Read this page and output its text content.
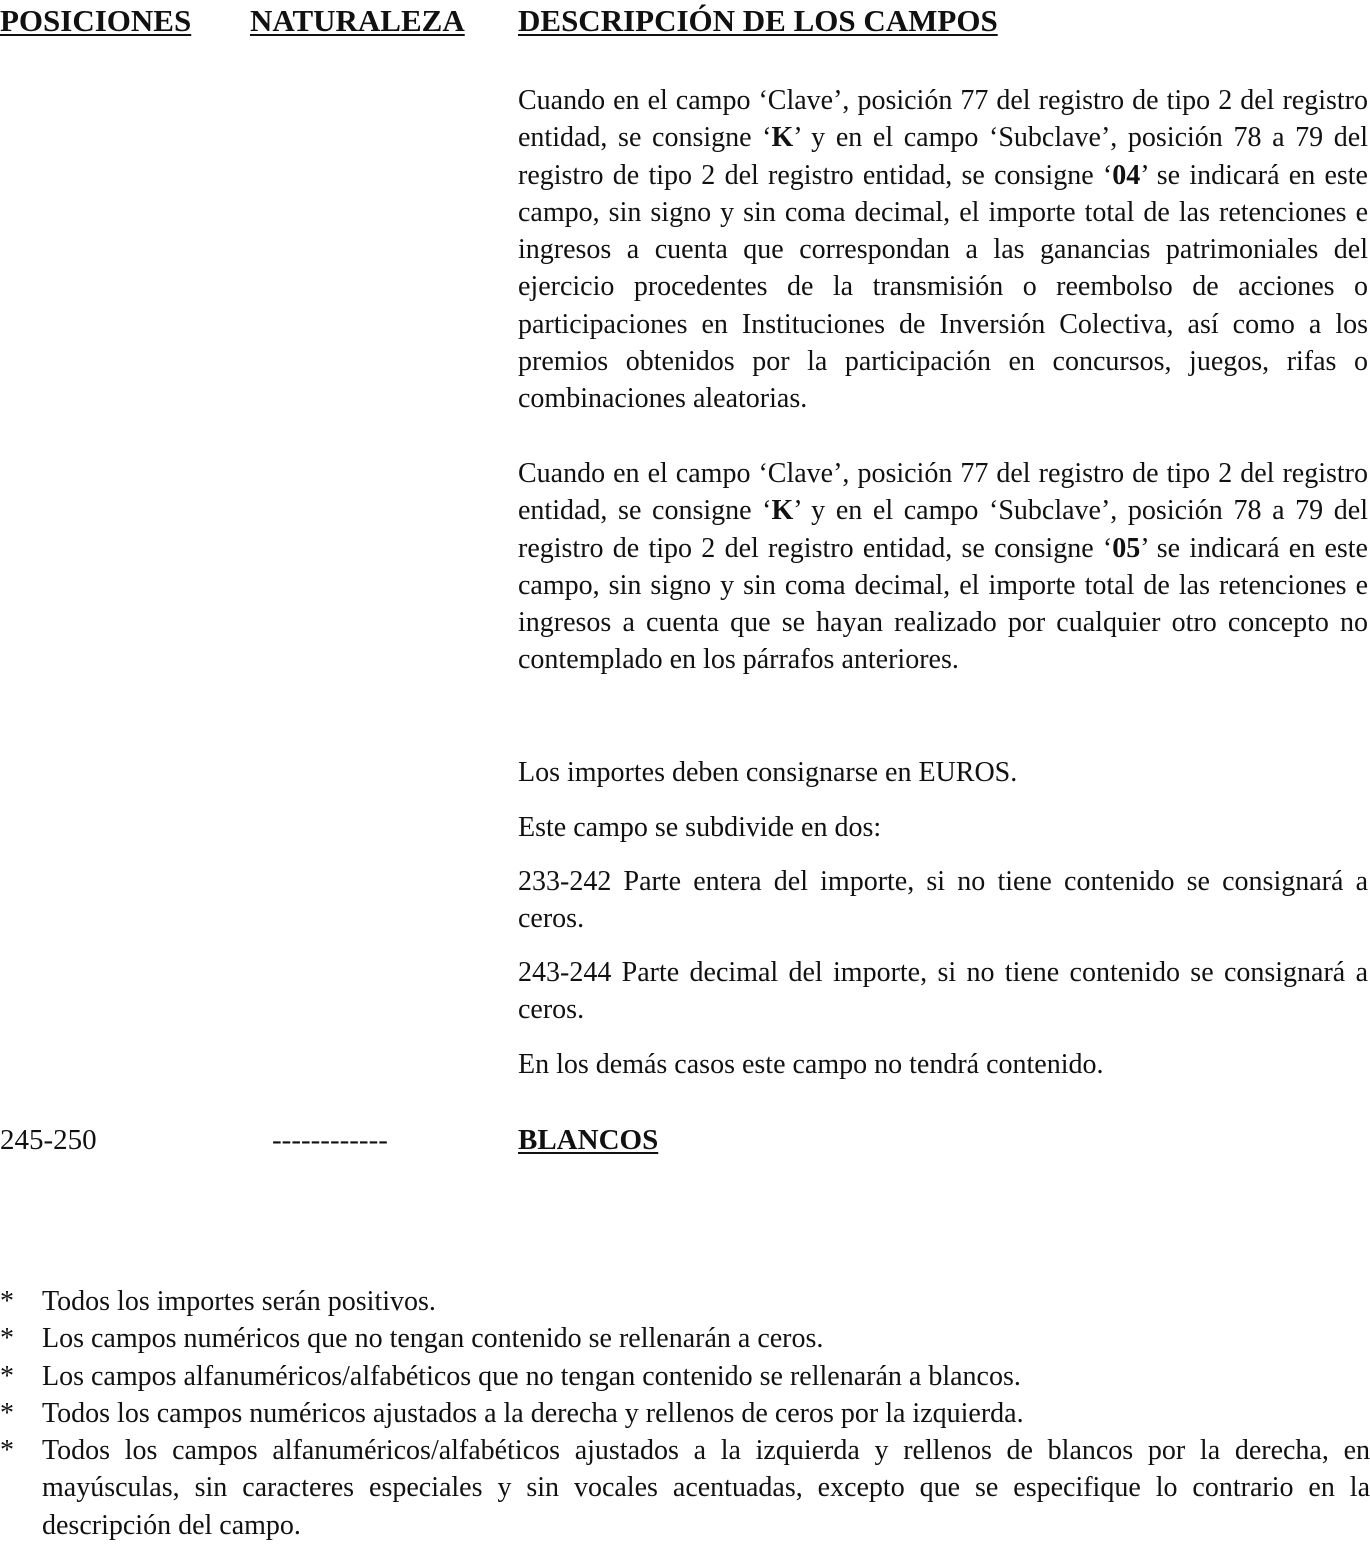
POSICIONES NATURALEZA DESCRIPCIÓN DE LOS CAMPOS

Cuando en el campo ‘Clave’, posición 77 del registro de tipo 2 del registro entidad, se consigne ‘K’ y en el campo ‘Subclave’, posición 78 a 79 del registro de tipo 2 del registro entidad, se consigne ‘04’ se indicará en este campo, sin signo y sin coma decimal, el importe total de las retenciones e ingresos a cuenta que correspondan a las ganancias patrimoniales del ejercicio procedentes de la transmisión o reembolso de acciones o participaciones en Instituciones de Inversión Colectiva, así como a los premios obtenidos por la participación en concursos, juegos, rifas o combinaciones aleatorias.

Cuando en el campo ‘Clave’, posición 77 del registro de tipo 2 del registro entidad, se consigne ‘K’ y en el campo ‘Subclave’, posición 78 a 79 del registro de tipo 2 del registro entidad, se consigne ‘05’ se indicará en este campo, sin signo y sin coma decimal, el importe total de las retenciones e ingresos a cuenta que se hayan realizado por cualquier otro concepto no contemplado en los párrafos anteriores.

Los importes deben consignarse en EUROS.

Este campo se subdivide en dos:

233-242 Parte entera del importe, si no tiene contenido se consignará a ceros.

243-244 Parte decimal del importe, si no tiene contenido se consignará a ceros.

En los demás casos este campo no tendrá contenido.

245-250	------------	BLANCOS
* Todos los importes serán positivos.
* Los campos numéricos que no tengan contenido se rellenarán a ceros.
* Los campos alfanuméricos/alfabéticos que no tengan contenido se rellenarán a blancos.
* Todos los campos numéricos ajustados a la derecha y rellenos de ceros por la izquierda.
* Todos los campos alfanuméricos/alfabéticos ajustados a la izquierda y rellenos de blancos por la derecha, en mayúsculas, sin caracteres especiales y sin vocales acentuadas, excepto que se especifique lo contrario en la descripción del campo.
